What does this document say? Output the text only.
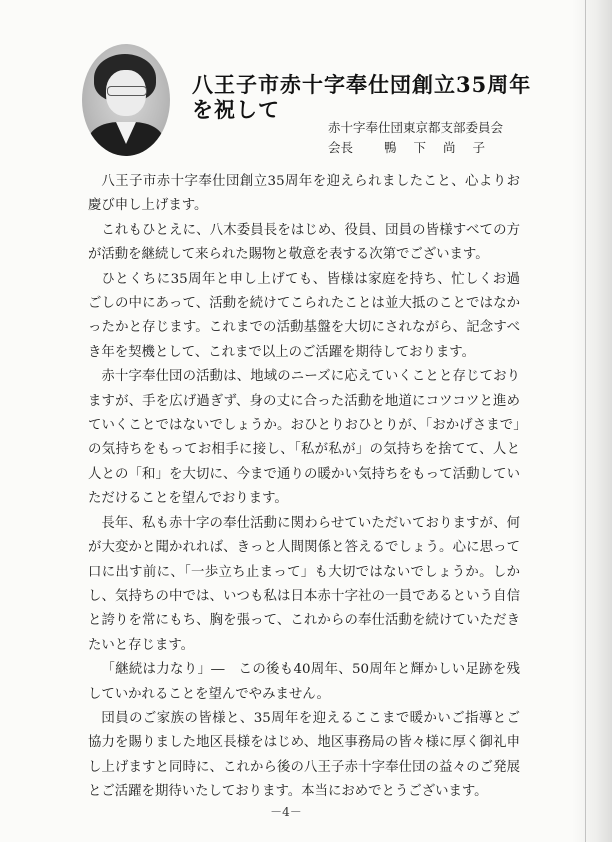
八王子市赤十字奉仕団創立35周年
を祝して
赤十字奉仕団東京都支部委員会
会長 鴨下尚子

八王子市赤十字奉仕団創立35周年を迎えられましたこと、心よりお慶び申し上げます。

これもひとえに、八木委員長をはじめ、役員、団員の皆様すべての方が活動を継続して来られた賜物と敬意を表する次第でございます。

ひとくちに35周年と申し上げても、皆様は家庭を持ち、忙しくお過ごしの中にあって、活動を続けてこられたことは並大抵のことではなかったかと存じます。これまでの活動基盤を大切にされながら、記念すべき年を契機として、これまで以上のご活躍を期待しております。

赤十字奉仕団の活動は、地域のニーズに応えていくことと存じておりますが、手を広げ過ぎず、身の丈に合った活動を地道にコツコツと進めていくことではないでしょうか。おひとりおひとりが、「おかげさまで」の気持ちをもってお相手に接し、「私が私が」の気持ちを捨てて、人と人との「和」を大切に、今まで通りの暖かい気持ちをもって活動していただけることを望んでおります。

長年、私も赤十字の奉仕活動に関わらせていただいておりますが、何が大変かと聞かれれば、きっと人間関係と答えるでしょう。心に思って口に出す前に、「一歩立ち止まって」も大切ではないでしょうか。しかし、気持ちの中では、いつも私は日本赤十字社の一員であるという自信と誇りを常にもち、胸を張って、これからの奉仕活動を続けていただきたいと存じます。

「継続は力なり」―　この後も40周年、50周年と輝かしい足跡を残していかれることを望んでやみません。

団員のご家族の皆様と、35周年を迎えるここまで暖かいご指導とご協力を賜りました地区長様をはじめ、地区事務局の皆々様に厚く御礼申し上げますと同時に、これから後の八王子赤十字奉仕団の益々のご発展とご活躍を期待いたしております。本当におめでとうございます。

－4－
